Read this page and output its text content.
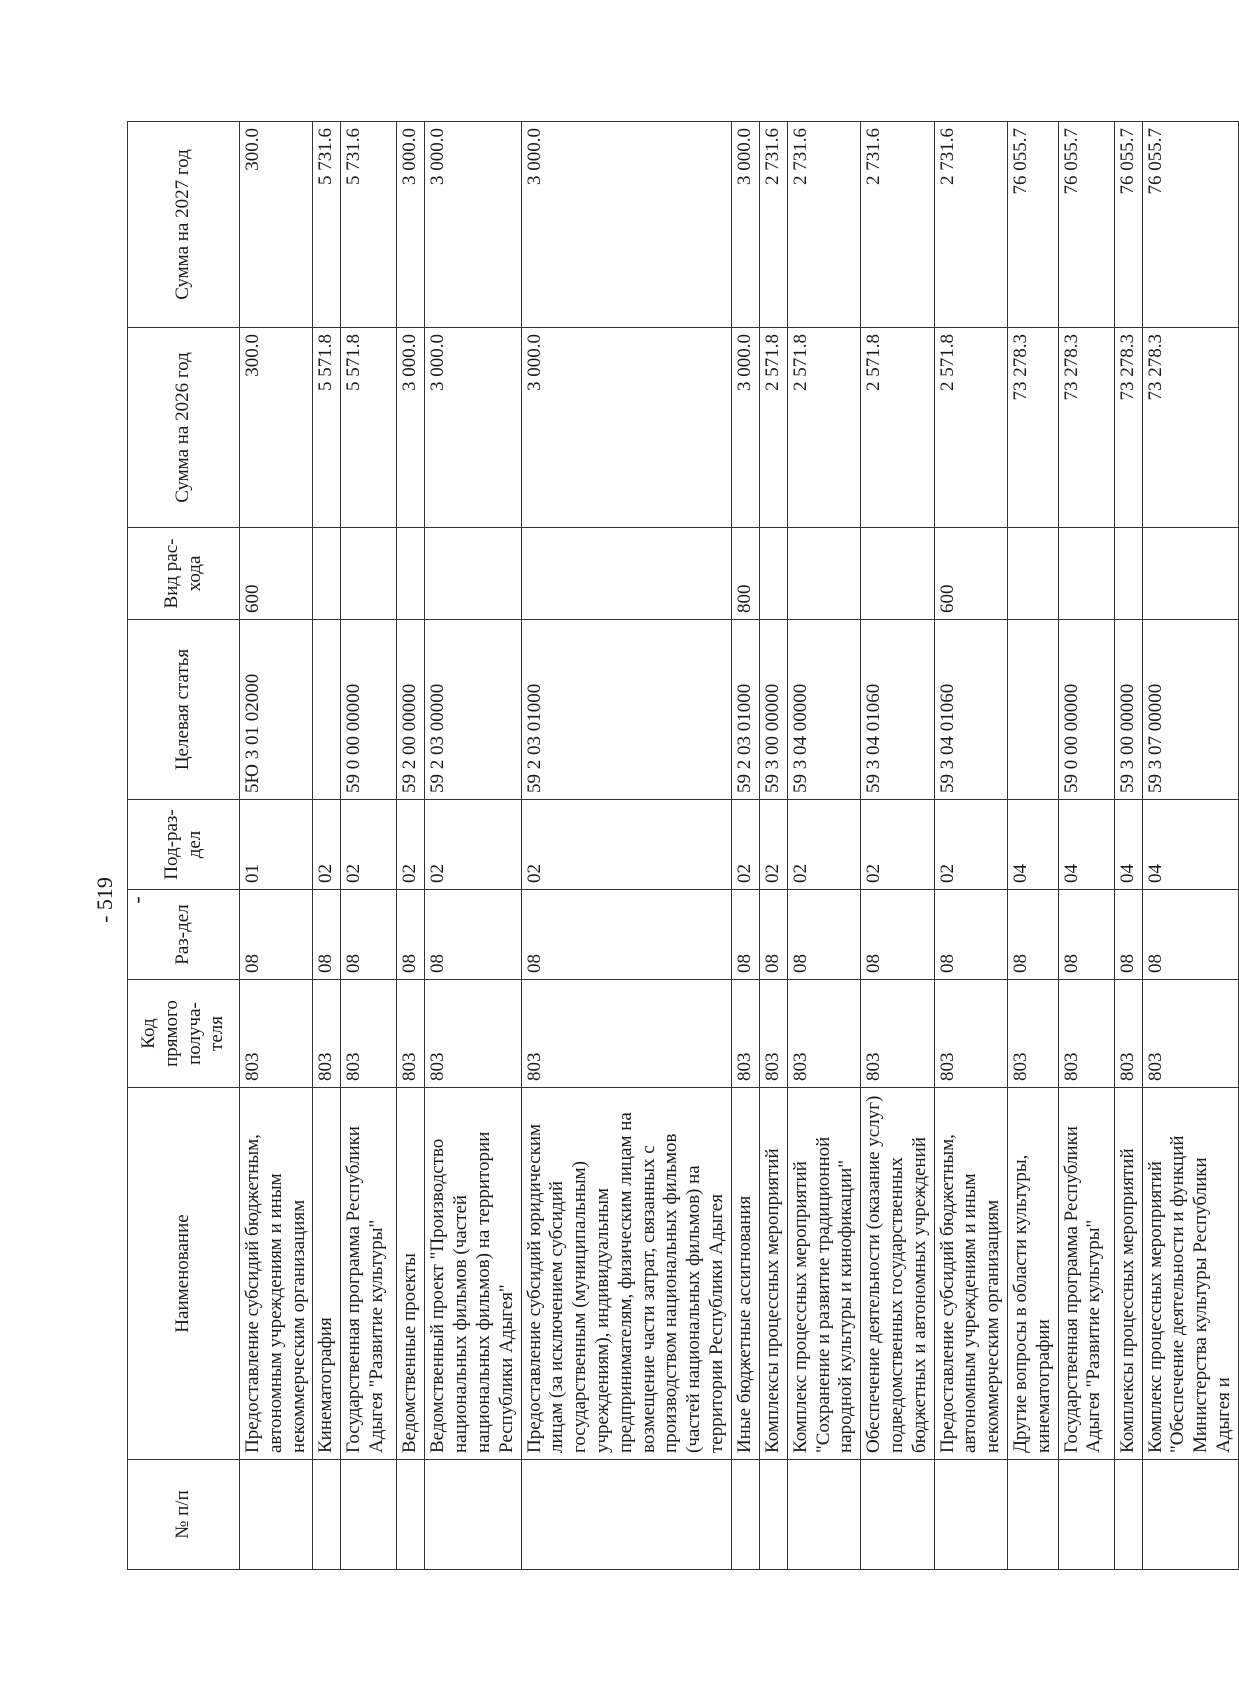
- 519 -
№ п/п	Наименование	Код прямого получа-теля	Раз-дел	Под-раз-дел	Целевая статья	Вид рас-хода	Сумма на 2026 год	Сумма на 2027 год
	Предоставление субсидий бюджетным, автономным учреждениям и иным некоммерческим организациям	803	08	01	5Ю 3 01 02000	600	300.0	300.0
	Кинематография	803	08	02			5 571.8	5 731.6
	Государственная программа Республики Адыгея "Развитие культуры"	803	08	02	59 0 00 00000		5 571.8	5 731.6
	Ведомственные проекты	803	08	02	59 2 00 00000		3 000.0	3 000.0
	Ведомственный проект "Производство национальных фильмов (частей национальных фильмов) на территории Республики Адыгея"	803	08	02	59 2 03 00000		3 000.0	3 000.0
	Предоставление субсидий юридическим лицам (за исключением субсидий государственным (муниципальным) учреждениям), индивидуальным предпринимателям, физическим лицам на возмещение части затрат, связанных с производством национальных фильмов (частей национальных фильмов) на территории Республики Адыгея	803	08	02	59 2 03 01000		3 000.0	3 000.0
	Иные бюджетные ассигнования	803	08	02	59 2 03 01000	800	3 000.0	3 000.0
	Комплексы процессных мероприятий	803	08	02	59 3 00 00000		2 571.8	2 731.6
	Комплекс процессных мероприятий "Сохранение и развитие традиционной народной культуры и кинофикации"	803	08	02	59 3 04 00000		2 571.8	2 731.6
	Обеспечение деятельности (оказание услуг) подведомственных государственных бюджетных и автономных учреждений	803	08	02	59 3 04 01060		2 571.8	2 731.6
	Предоставление субсидий бюджетным, автономным учреждениям и иным некоммерческим организациям	803	08	02	59 3 04 01060	600	2 571.8	2 731.6
	Другие вопросы в области культуры, кинематографии	803	08	04			73 278.3	76 055.7
	Государственная программа Республики Адыгея "Развитие культуры"	803	08	04	59 0 00 00000		73 278.3	76 055.7
	Комплексы процессных мероприятий	803	08	04	59 3 00 00000		73 278.3	76 055.7
	Комплекс процессных мероприятий "Обеспечение деятельности и функций Министерства культуры Республики Адыгея и	803	08	04	59 3 07 00000		73 278.3	76 055.7
